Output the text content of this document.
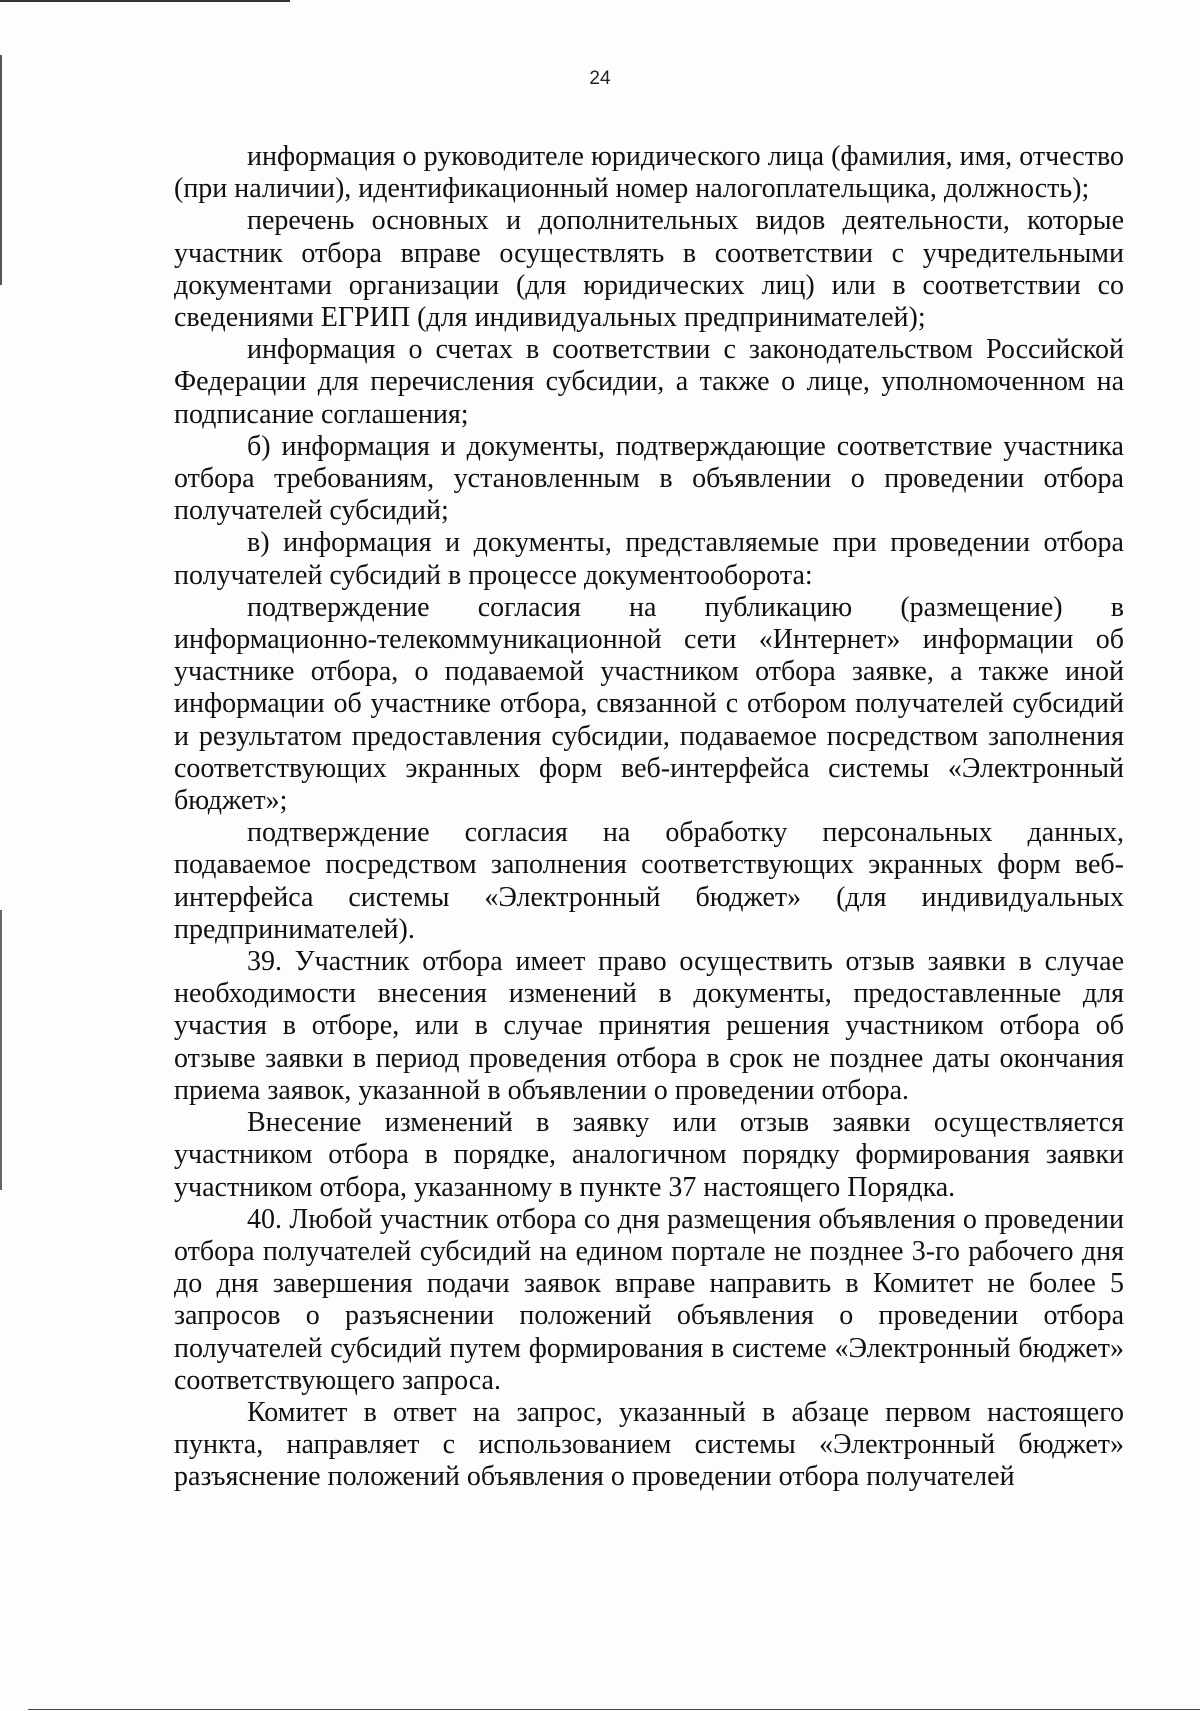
24

информация о руководителе юридического лица (фамилия, имя, отчество (при наличии), идентификационный номер налогоплательщика, должность);

перечень основных и дополнительных видов деятельности, которые участник отбора вправе осуществлять в соответствии с учредительными документами организации (для юридических лиц) или в соответствии со сведениями ЕГРИП (для индивидуальных предпринимателей);

информация о счетах в соответствии с законодательством Российской Федерации для перечисления субсидии, а также о лице, уполномоченном на подписание соглашения;

б) информация и документы, подтверждающие соответствие участника отбора требованиям, установленным в объявлении о проведении отбора получателей субсидий;

в) информация и документы, представляемые при проведении отбора получателей субсидий в процессе документооборота:

подтверждение согласия на публикацию (размещение) в информационно-телекоммуникационной сети «Интернет» информации об участнике отбора, о подаваемой участником отбора заявке, а также иной информации об участнике отбора, связанной с отбором получателей субсидий и результатом предоставления субсидии, подаваемое посредством заполнения соответствующих экранных форм веб-интерфейса системы «Электронный бюджет»;

подтверждение согласия на обработку персональных данных, подаваемое посредством заполнения соответствующих экранных форм веб-интерфейса системы «Электронный бюджет» (для индивидуальных предпринимателей).

39. Участник отбора имеет право осуществить отзыв заявки в случае необходимости внесения изменений в документы, предоставленные для участия в отборе, или в случае принятия решения участником отбора об отзыве заявки в период проведения отбора в срок не позднее даты окончания приема заявок, указанной в объявлении о проведении отбора.

Внесение изменений в заявку или отзыв заявки осуществляется участником отбора в порядке, аналогичном порядку формирования заявки участником отбора, указанному в пункте 37 настоящего Порядка.

40. Любой участник отбора со дня размещения объявления о проведении отбора получателей субсидий на едином портале не позднее 3-го рабочего дня до дня завершения подачи заявок вправе направить в Комитет не более 5 запросов о разъяснении положений объявления о проведении отбора получателей субсидий путем формирования в системе «Электронный бюджет» соответствующего запроса.

Комитет в ответ на запрос, указанный в абзаце первом настоящего пункта, направляет с использованием системы «Электронный бюджет» разъяснение положений объявления о проведении отбора получателей
